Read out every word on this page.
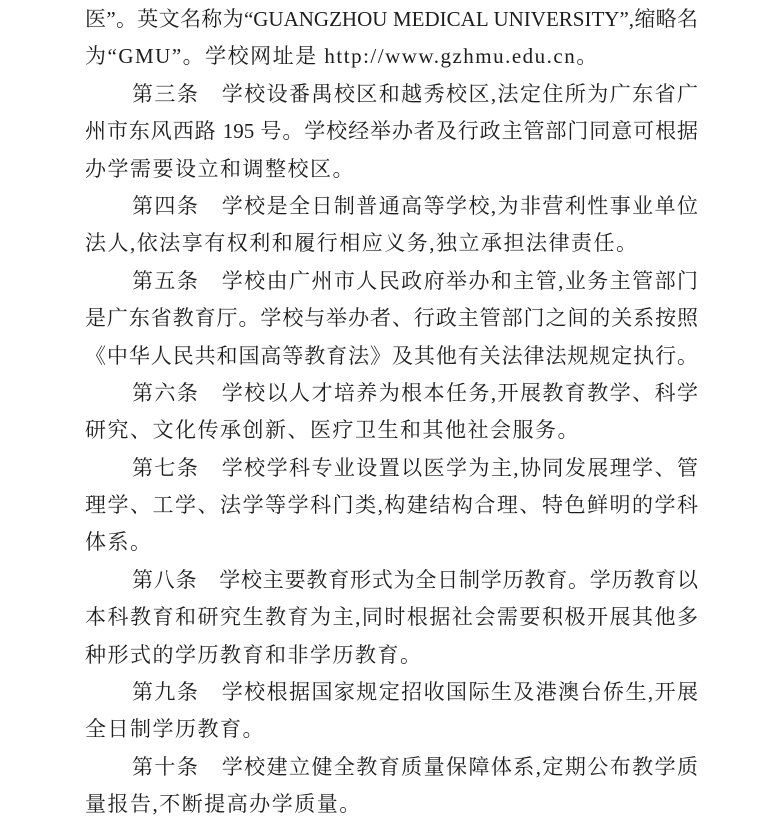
医”。英文名称为“GUANGZHOU MEDICAL UNIVERSITY”,缩略名
为“GMU”。学校网址是 http://www.gzhmu.edu.cn。
第三条　学校设番禺校区和越秀校区,法定住所为广东省广
州市东风西路 195 号。学校经举办者及行政主管部门同意可根据
办学需要设立和调整校区。
第四条　学校是全日制普通高等学校,为非营利性事业单位
法人,依法享有权利和履行相应义务,独立承担法律责任。
第五条　学校由广州市人民政府举办和主管,业务主管部门
是广东省教育厅。学校与举办者、行政主管部门之间的关系按照
《中华人民共和国高等教育法》及其他有关法律法规规定执行。
第六条　学校以人才培养为根本任务,开展教育教学、科学
研究、文化传承创新、医疗卫生和其他社会服务。
第七条　学校学科专业设置以医学为主,协同发展理学、管
理学、工学、法学等学科门类,构建结构合理、特色鲜明的学科
体系。
第八条　学校主要教育形式为全日制学历教育。学历教育以
本科教育和研究生教育为主,同时根据社会需要积极开展其他多
种形式的学历教育和非学历教育。
第九条　学校根据国家规定招收国际生及港澳台侨生,开展
全日制学历教育。
第十条　学校建立健全教育质量保障体系,定期公布教学质
量报告,不断提高办学质量。
